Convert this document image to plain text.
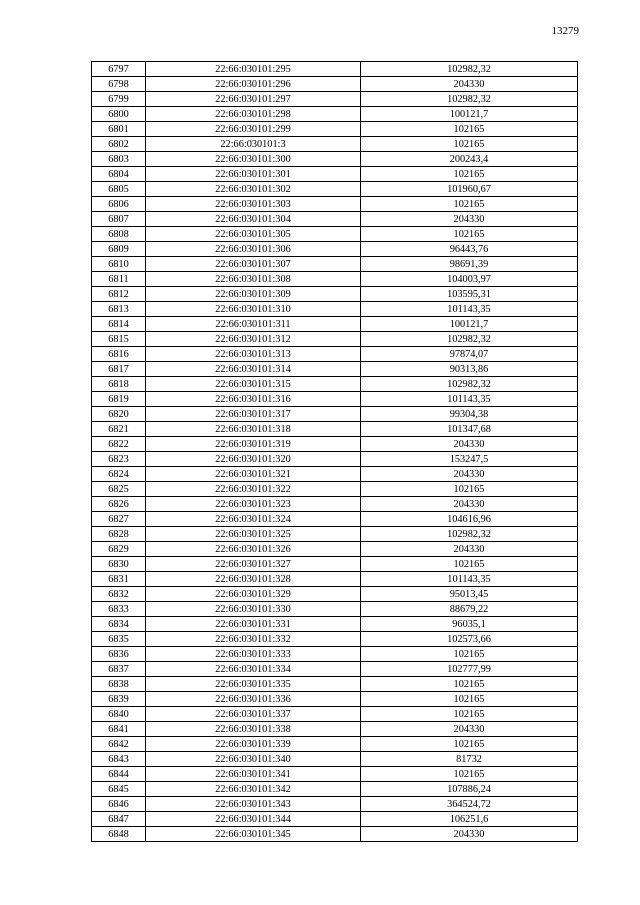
13279
6797	22:66:030101:295	102982,32
6798	22:66:030101:296	204330
6799	22:66:030101:297	102982,32
6800	22:66:030101:298	100121,7
6801	22:66:030101:299	102165
6802	22:66:030101:3	102165
6803	22:66:030101:300	200243,4
6804	22:66:030101:301	102165
6805	22:66:030101:302	101960,67
6806	22:66:030101:303	102165
6807	22:66:030101:304	204330
6808	22:66:030101:305	102165
6809	22:66:030101:306	96443,76
6810	22:66:030101:307	98691,39
6811	22:66:030101:308	104003,97
6812	22:66:030101:309	103595,31
6813	22:66:030101:310	101143,35
6814	22:66:030101:311	100121,7
6815	22:66:030101:312	102982,32
6816	22:66:030101:313	97874,07
6817	22:66:030101:314	90313,86
6818	22:66:030101:315	102982,32
6819	22:66:030101:316	101143,35
6820	22:66:030101:317	99304,38
6821	22:66:030101:318	101347,68
6822	22:66:030101:319	204330
6823	22:66:030101:320	153247,5
6824	22:66:030101:321	204330
6825	22:66:030101:322	102165
6826	22:66:030101:323	204330
6827	22:66:030101:324	104616,96
6828	22:66:030101:325	102982,32
6829	22:66:030101:326	204330
6830	22:66:030101:327	102165
6831	22:66:030101:328	101143,35
6832	22:66:030101:329	95013,45
6833	22:66:030101:330	88679,22
6834	22:66:030101:331	96035,1
6835	22:66:030101:332	102573,66
6836	22:66:030101:333	102165
6837	22:66:030101:334	102777,99
6838	22:66:030101:335	102165
6839	22:66:030101:336	102165
6840	22:66:030101:337	102165
6841	22:66:030101:338	204330
6842	22:66:030101:339	102165
6843	22:66:030101:340	81732
6844	22:66:030101:341	102165
6845	22:66:030101:342	107886,24
6846	22:66:030101:343	364524,72
6847	22:66:030101:344	106251,6
6848	22:66:030101:345	204330
